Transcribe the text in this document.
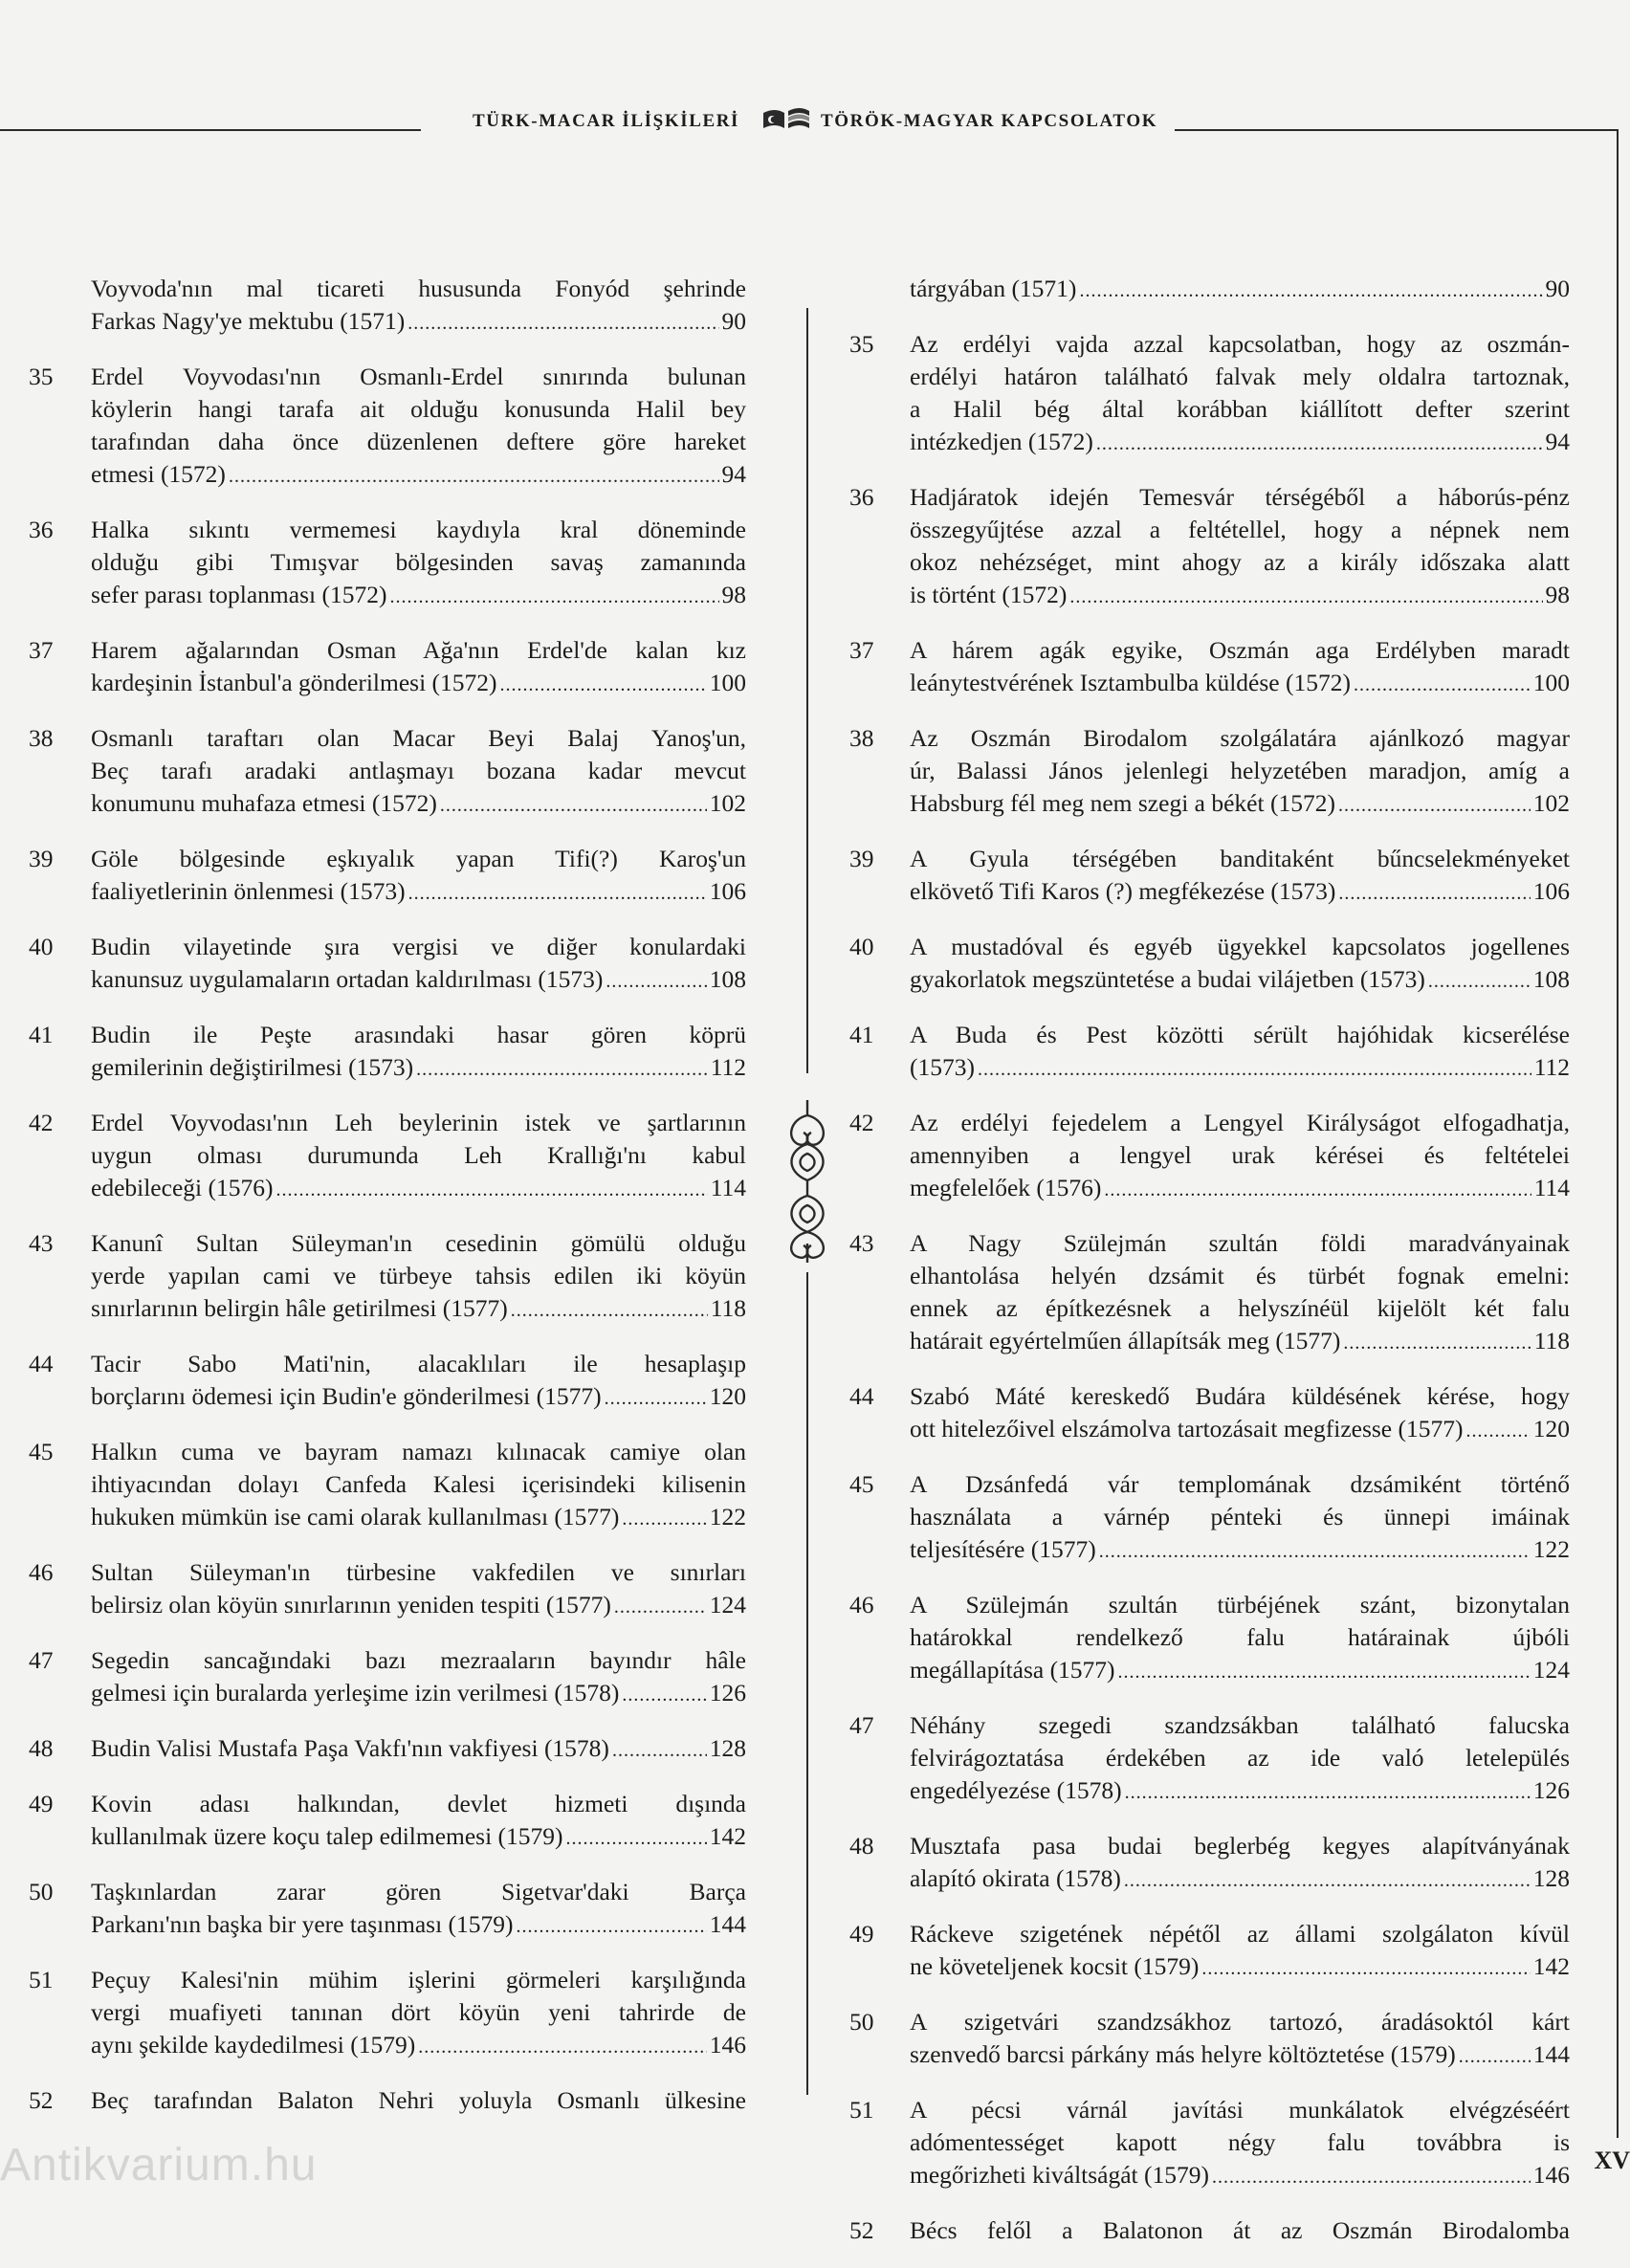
TÜRK-MACAR İLİŞKİLERİ	TÖRÖK-MAGYAR KAPCSOLATOK
Voyvoda'nın mal ticareti hususunda Fonyód şehrinde
Farkas Nagy'ye mektubu (1571) .....	90
35 Erdel Voyvodası'nın Osmanlı-Erdel sınırında bulunan
köylerin hangi tarafa ait olduğu konusunda Halil bey
tarafından daha önce düzenlenen deftere göre hareket
etmesi (1572) .....	94
36 Halka sıkıntı vermemesi kaydıyla kral döneminde
olduğu gibi Tımışvar bölgesinden savaş zamanında
sefer parası toplanması (1572) .....	98
37 Harem ağalarından Osman Ağa'nın Erdel'de kalan kız
kardeşinin İstanbul'a gönderilmesi (1572) .....	100
38 Osmanlı taraftarı olan Macar Beyi Balaj Yanoş'un,
Beç tarafı aradaki antlaşmayı bozana kadar mevcut
konumunu muhafaza etmesi (1572) .....	102
39 Göle bölgesinde eşkıyalık yapan Tifi(?) Karoş'un
faaliyetlerinin önlenmesi (1573) .....	106
40 Budin vilayetinde şıra vergisi ve diğer konulardaki
kanunsuz uygulamaların ortadan kaldırılması (1573) .....	108
41 Budin ile Peşte arasındaki hasar gören köprü
gemilerinin değiştirilmesi (1573) .....	112
42 Erdel Voyvodası'nın Leh beylerinin istek ve şartlarının
uygun olması durumunda Leh Krallığı'nı kabul
edebileceği (1576) .....	114
43 Kanunî Sultan Süleyman'ın cesedinin gömülü olduğu
yerde yapılan cami ve türbeye tahsis edilen iki köyün
sınırlarının belirgin hâle getirilmesi (1577) .....	118
44 Tacir Sabo Mati'nin, alacaklıları ile hesaplaşıp
borçlarını ödemesi için Budin'e gönderilmesi (1577) .....	120
45 Halkın cuma ve bayram namazı kılınacak camiye olan
ihtiyacından dolayı Canfeda Kalesi içerisindeki kilisenin
hukuken mümkün ise cami olarak kullanılması (1577) .....	122
46 Sultan Süleyman'ın türbesine vakfedilen ve sınırları
belirsiz olan köyün sınırlarının yeniden tespiti (1577) .....	124
47 Segedin sancağındaki bazı mezraaların bayındır hâle
gelmesi için buralarda yerleşime izin verilmesi (1578) .....	126
48 Budin Valisi Mustafa Paşa Vakfı'nın vakfiyesi (1578) .....	128
49 Kovin adası halkından, devlet hizmeti dışında
kullanılmak üzere koçu talep edilmemesi (1579) .....	142
50 Taşkınlardan zarar gören Sigetvar'daki Barça
Parkanı'nın başka bir yere taşınması (1579) .....	144
51 Peçuy Kalesi'nin mühim işlerini görmeleri karşılığında
vergi muafiyeti tanınan dört köyün yeni tahrirde de
aynı şekilde kaydedilmesi (1579) .....	146
52 Beç tarafından Balaton Nehri yoluyla Osmanlı ülkesine
tárgyában (1571) .....	90
35 Az erdélyi vajda azzal kapcsolatban, hogy az oszmán-
erdélyi határon található falvak mely oldalra tartoznak,
a Halil bég által korábban kiállított defter szerint
intézkedjen (1572) .....	94
36 Hadjáratok idején Temesvár térségéből a háborús-pénz
összegyűjtése azzal a feltétellel, hogy a népnek nem
okoz nehézséget, mint ahogy az a király időszaka alatt
is történt (1572) .....	98
37 A hárem agák egyike, Oszmán aga Erdélyben maradt
leánytestvérének Isztambulba küldése (1572) .....	100
38 Az Oszmán Birodalom szolgálatára ajánlkozó magyar
úr, Balassi János jelenlegi helyzetében maradjon, amíg a
Habsburg fél meg nem szegi a békét (1572) .....	102
39 A Gyula térségében banditaként bűncselekményeket
elkövető Tifi Karos (?) megfékezése (1573) .....	106
40 A mustadóval és egyéb ügyekkel kapcsolatos jogellenes
gyakorlatok megszüntetése a budai vilájetben (1573) .....	108
41 A Buda és Pest közötti sérült hajóhidak kicserélése
(1573) .....	112
42 Az erdélyi fejedelem a Lengyel Királyságot elfogadhatja,
amennyiben a lengyel urak kérései és feltételei
megfelelőek (1576) .....	114
43 A Nagy Szülejmán szultán földi maradványainak
elhantolása helyén dzsámit és türbét fognak emelni:
ennek az építkezésnek a helyszínéül kijelölt két falu
határait egyértelműen állapítsák meg (1577) .....	118
44 Szabó Máté kereskedő Budára küldésének kérése, hogy
ott hitelezőivel elszámolva tartozásait megfizesse (1577) .....	120
45 A Dzsánfedá vár templomának dzsámiként történő
használata a várnép pénteki és ünnepi imáinak
teljesítésére (1577) .....	122
46 A Szülejmán szultán türbéjének szánt, bizonytalan
határokkal rendelkező falu határainak újbóli
megállapítása (1577) .....	124
47 Néhány szegedi szandzsákban található falucska
felvirágoztatása érdekében az ide való letelepülés
engedélyezése (1578) .....	126
48 Musztafa pasa budai beglerbég kegyes alapítványának
alapító okirata (1578) .....	128
49 Ráckeve szigetének népétől az állami szolgálaton kívül
ne követeljenek kocsit (1579) .....	142
50 A szigetvári szandzsákhoz tartozó, áradásoktól kárt
szenvedő barcsi párkány más helyre költöztetése (1579) .....	144
51 A pécsi várnál javítási munkálatok elvégzéséért
adómentességet kapott négy falu továbbra is
megőrizheti kiváltságát (1579) .....	146
52 Bécs felől a Balatonon át az Oszmán Birodalomba
XV
Antikvarium.hu
